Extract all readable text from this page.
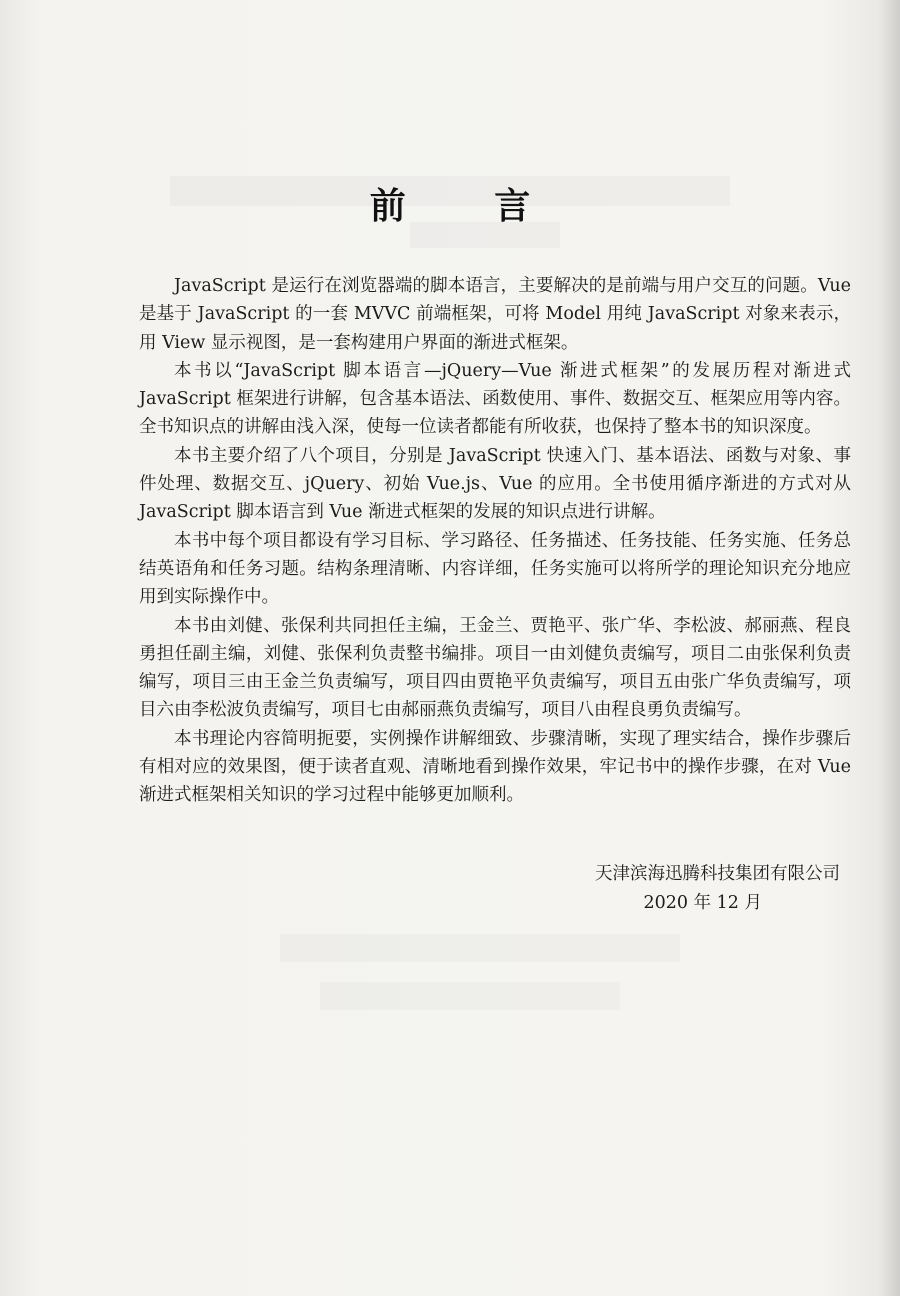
前 言

JavaScript 是运行在浏览器端的脚本语言，主要解决的是前端与用户交互的问题。Vue 是基于 JavaScript 的一套 MVVC 前端框架，可将 Model 用纯 JavaScript 对象来表示，用 View 显示视图，是一套构建用户界面的渐进式框架。

本书以“JavaScript 脚本语言—jQuery—Vue 渐进式框架”的发展历程对渐进式 JavaScript 框架进行讲解，包含基本语法、函数使用、事件、数据交互、框架应用等内容。全书知识点的讲解由浅入深，使每一位读者都能有所收获，也保持了整本书的知识深度。

本书主要介绍了八个项目，分别是 JavaScript 快速入门、基本语法、函数与对象、事件处理、数据交互、jQuery、初始 Vue.js、Vue 的应用。全书使用循序渐进的方式对从 JavaScript 脚本语言到 Vue 渐进式框架的发展的知识点进行讲解。

本书中每个项目都设有学习目标、学习路径、任务描述、任务技能、任务实施、任务总结英语角和任务习题。结构条理清晰、内容详细，任务实施可以将所学的理论知识充分地应用到实际操作中。

本书由刘健、张保利共同担任主编，王金兰、贾艳平、张广华、李松波、郝丽燕、程良勇担任副主编，刘健、张保利负责整书编排。项目一由刘健负责编写，项目二由张保利负责编写，项目三由王金兰负责编写，项目四由贾艳平负责编写，项目五由张广华负责编写，项目六由李松波负责编写，项目七由郝丽燕负责编写，项目八由程良勇负责编写。

本书理论内容简明扼要，实例操作讲解细致、步骤清晰，实现了理实结合，操作步骤后有相对应的效果图，便于读者直观、清晰地看到操作效果，牢记书中的操作步骤，在对 Vue 渐进式框架相关知识的学习过程中能够更加顺利。

天津滨海迅腾科技集团有限公司
2020 年 12 月
